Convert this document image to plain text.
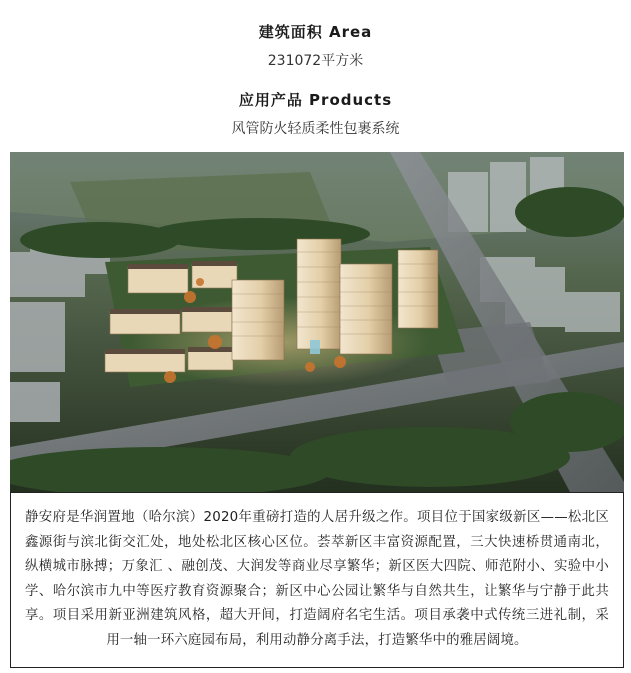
建筑面积 Area
231072平方米
应用产品 Products
风管防火轻质柔性包裹系统

静安府是华润置地（哈尔滨）2020年重磅打造的人居升级之作。项目位于国家级新区——松北区鑫源街与滨北街交汇处，地处松北区核心区位。荟萃新区丰富资源配置，三大快速桥贯通南北，纵横城市脉搏；万象汇 、融创茂、大润发等商业尽享繁华；新区医大四院、师范附小、实验中小学、哈尔滨市九中等医疗教育资源聚合；新区中心公园让繁华与自然共生，让繁华与宁静于此共享。项目采用新亚洲建筑风格，超大开间，打造阔府名宅生活。项目承袭中式传统三进礼制，采用一轴一环六庭园布局，利用动静分离手法，打造繁华中的雅居阔境。
